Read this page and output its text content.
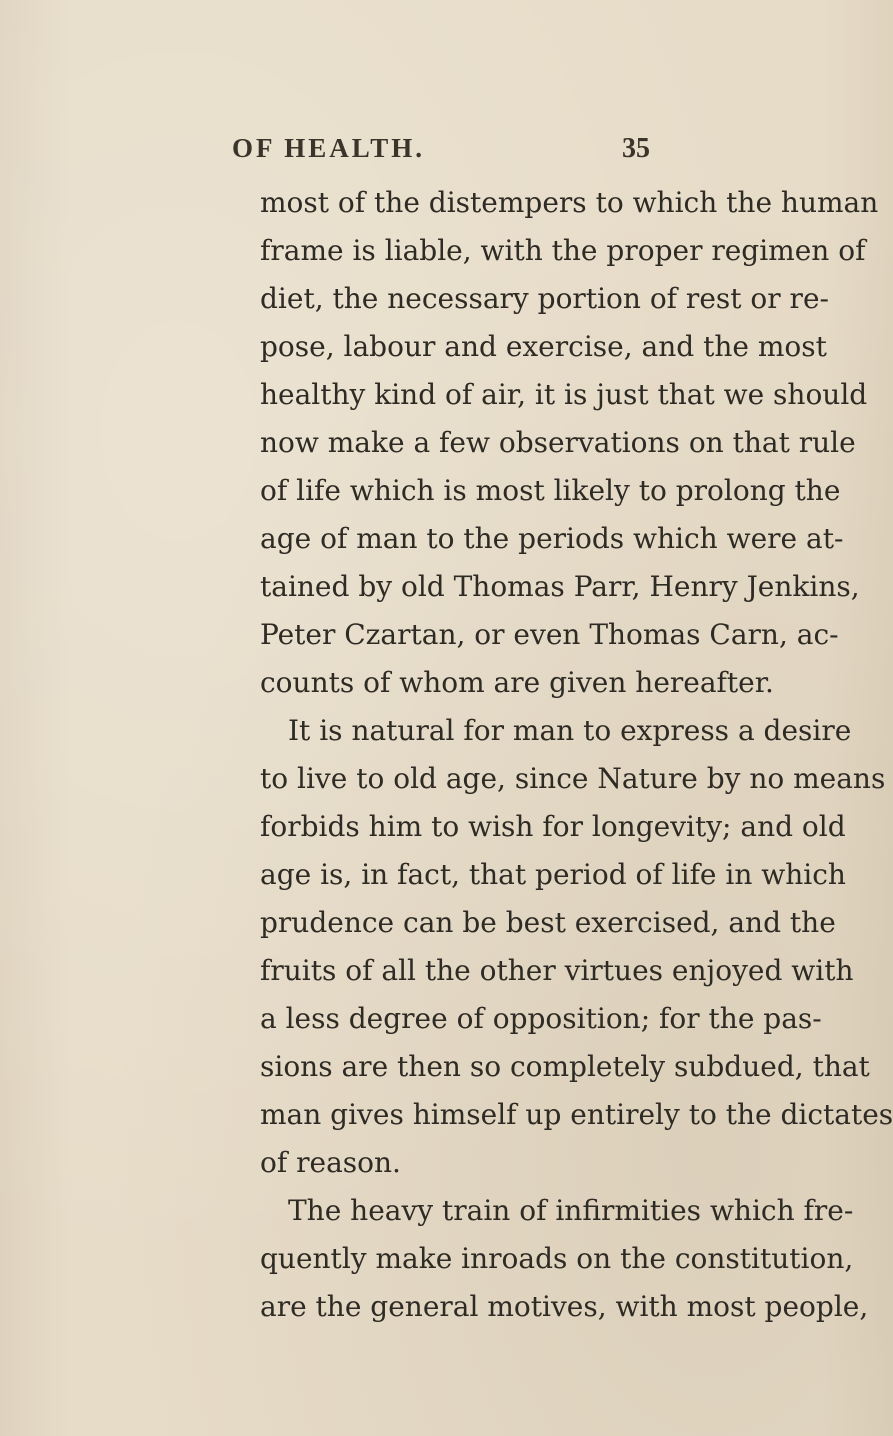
OF HEALTH.	35
most of the distempers to which the human
frame is liable, with the proper regimen of
diet, the necessary portion of rest or re-
pose, labour and exercise, and the most
healthy kind of air, it is just that we should
now make a few observations on that rule
of life which is most likely to prolong the
age of man to the periods which were at-
tained by old Thomas Parr, Henry Jenkins,
Peter Czartan, or even Thomas Carn, ac-
counts of whom are given hereafter.
It is natural for man to express a desire
to live to old age, since Nature by no means
forbids him to wish for longevity; and old
age is, in fact, that period of life in which
prudence can be best exercised, and the
fruits of all the other virtues enjoyed with
a less degree of opposition; for the pas-
sions are then so completely subdued, that
man gives himself up entirely to the dictates
of reason.
The heavy train of infirmities which fre-
quently make inroads on the constitution,
are the general motives, with most people,
